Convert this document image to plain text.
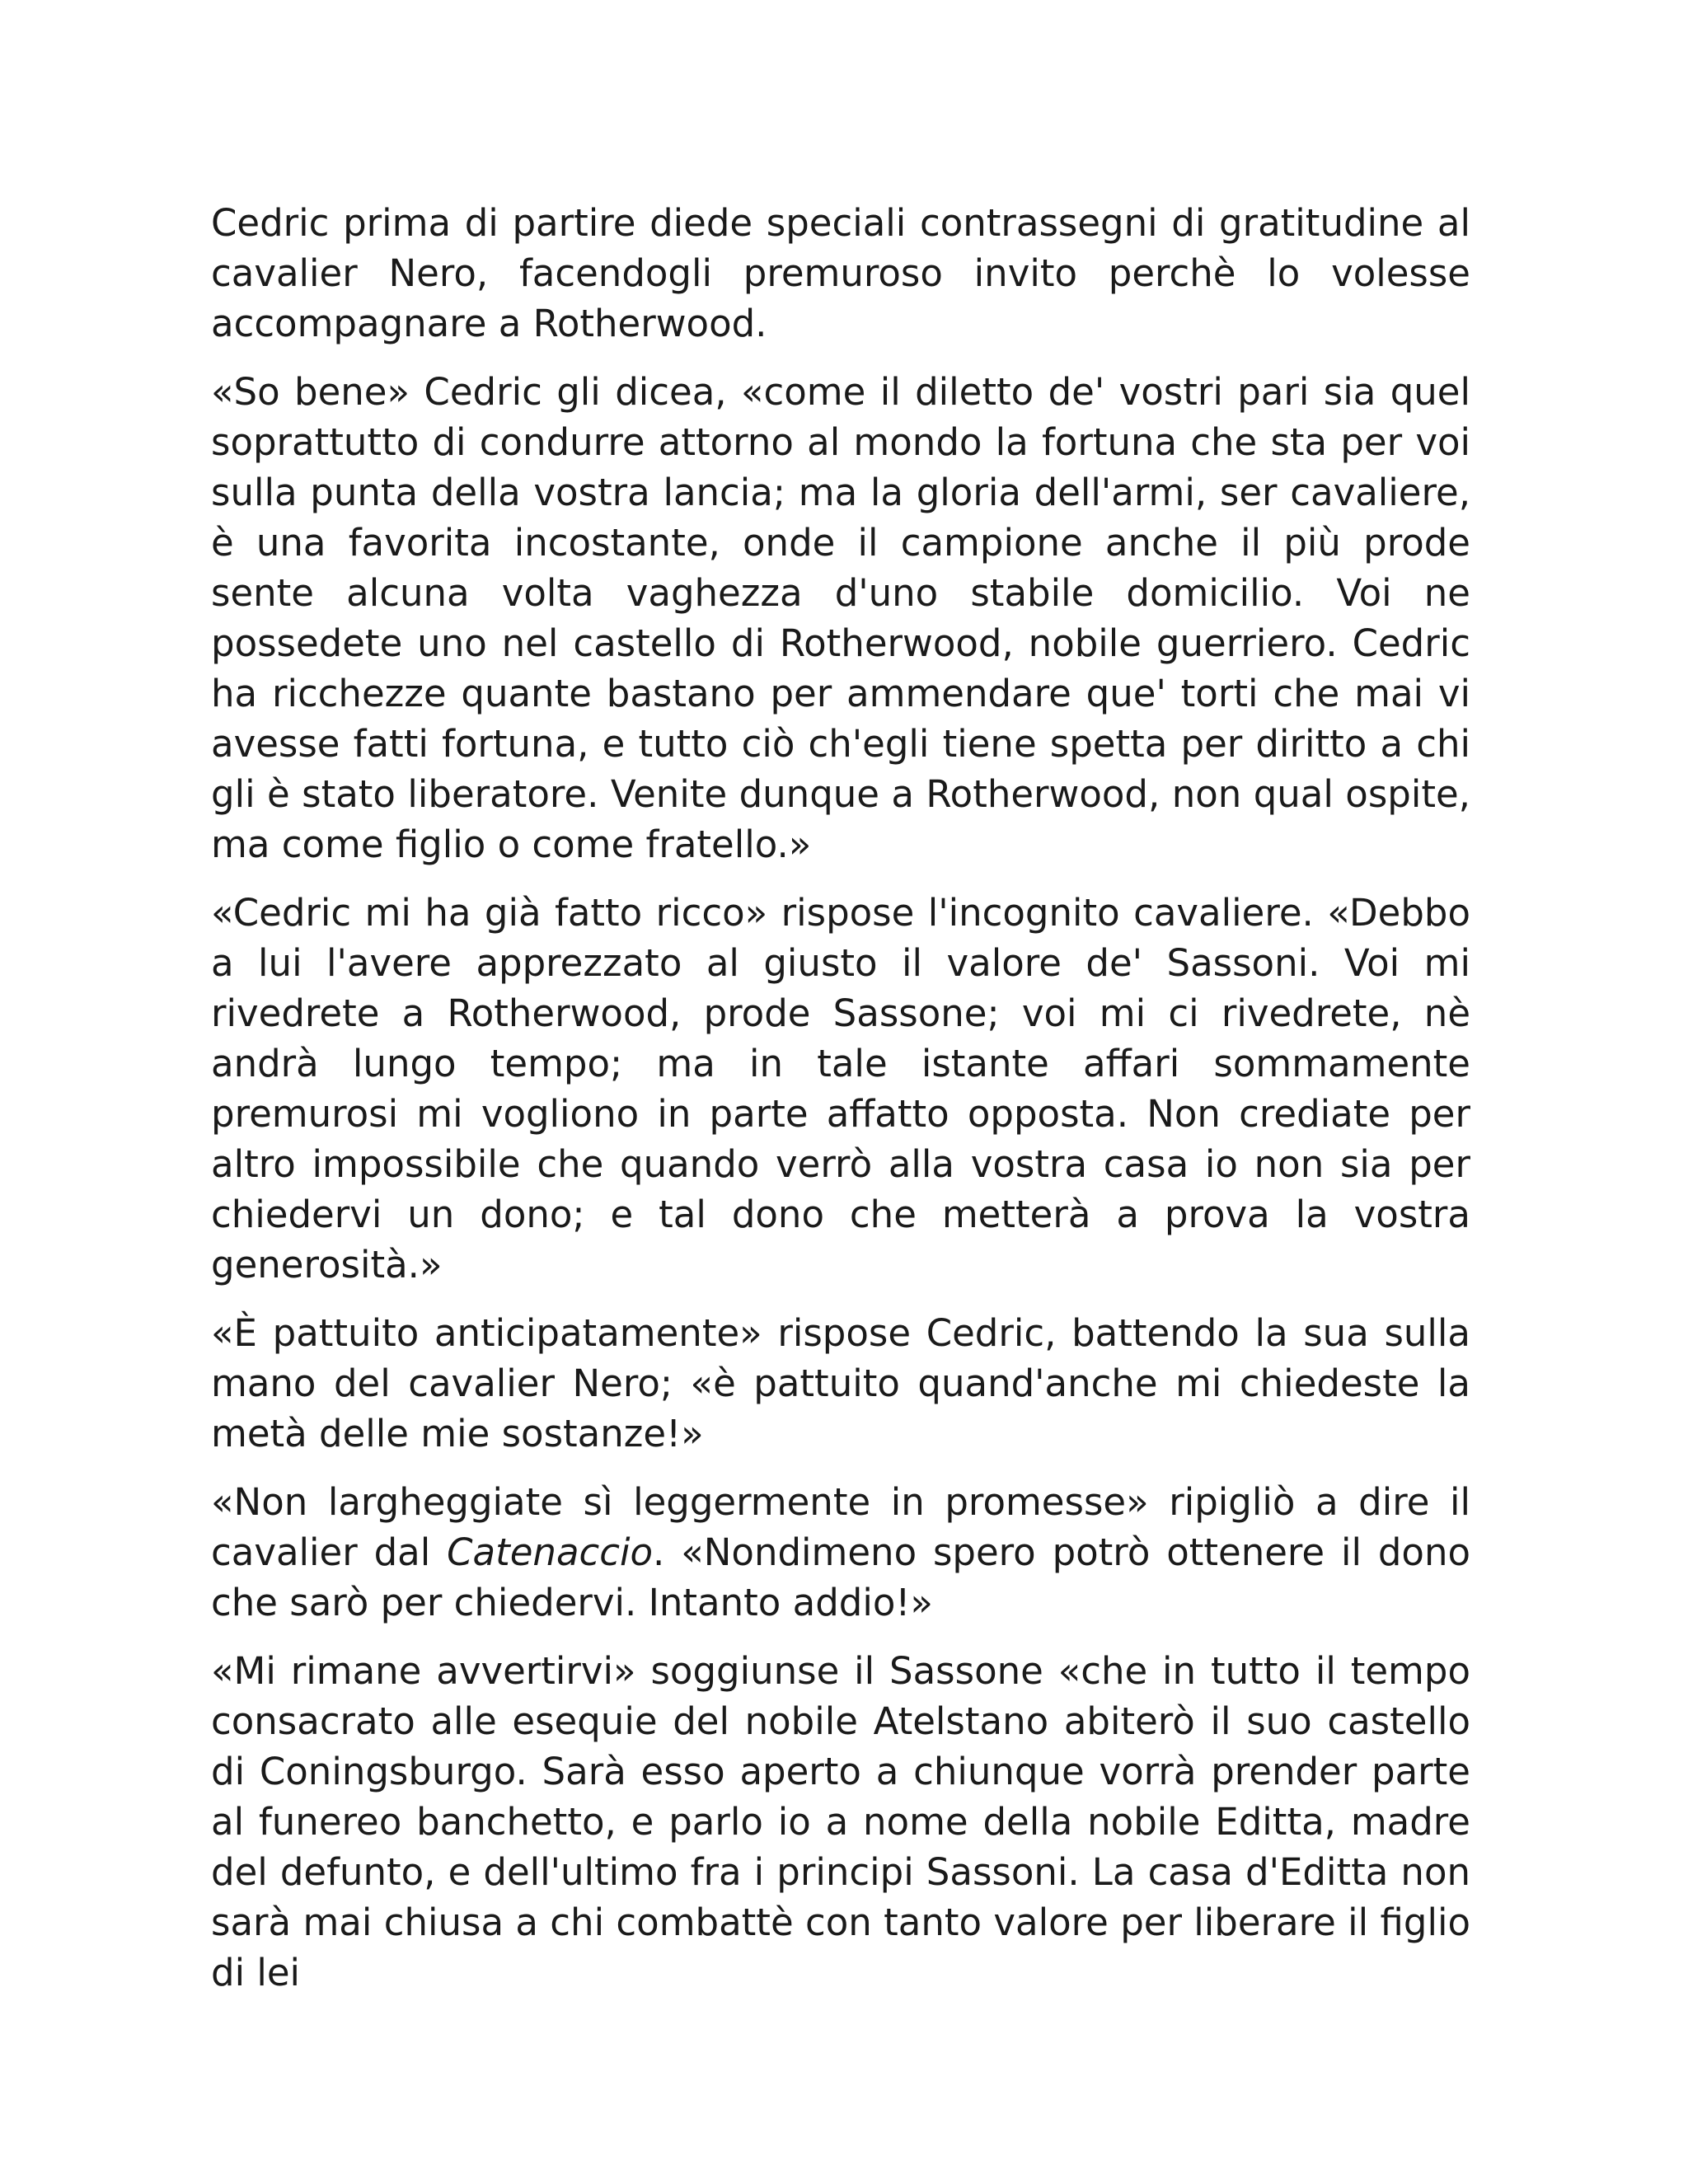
Cedric prima di partire diede speciali contrassegni di gratitudine al cavalier Nero, facendogli premuroso invito perchè lo volesse accompagnare a Rotherwood.

«So bene» Cedric gli dicea, «come il diletto de' vostri pari sia quel soprattutto di condurre attorno al mondo la fortuna che sta per voi sulla punta della vostra lancia; ma la gloria dell'armi, ser cavaliere, è una favorita incostante, onde il campione anche il più prode sente alcuna volta vaghezza d'uno stabile domicilio. Voi ne possedete uno nel castello di Rotherwood, nobile guerriero. Cedric ha ricchezze quante bastano per ammendare que' torti che mai vi avesse fatti fortuna, e tutto ciò ch'egli tiene spetta per diritto a chi gli è stato liberatore. Venite dunque a Rotherwood, non qual ospite, ma come figlio o come fratello.»

«Cedric mi ha già fatto ricco» rispose l'incognito cavaliere. «Debbo a lui l'avere apprezzato al giusto il valore de' Sassoni. Voi mi rivedrete a Rotherwood, prode Sassone; voi mi ci rivedrete, nè andrà lungo tempo; ma in tale istante affari sommamente premurosi mi vogliono in parte affatto opposta. Non crediate per altro impossibile che quando verrò alla vostra casa io non sia per chiedervi un dono; e tal dono che metterà a prova la vostra generosità.»

«È pattuito anticipatamente» rispose Cedric, battendo la sua sulla mano del cavalier Nero; «è pattuito quand'anche mi chiedeste la metà delle mie sostanze!»

«Non largheggiate sì leggermente in promesse» ripigliò a dire il cavalier dal Catenaccio. «Nondimeno spero potrò ottenere il dono che sarò per chiedervi. Intanto addio!»

«Mi rimane avvertirvi» soggiunse il Sassone «che in tutto il tempo consacrato alle esequie del nobile Atelstano abiterò il suo castello di Coningsburgo. Sarà esso aperto a chiunque vorrà prender parte al funereo banchetto, e parlo io a nome della nobile Editta, madre del defunto, e dell'ultimo fra i principi Sassoni. La casa d'Editta non sarà mai chiusa a chi combattè con tanto valore per liberare il figlio di lei
